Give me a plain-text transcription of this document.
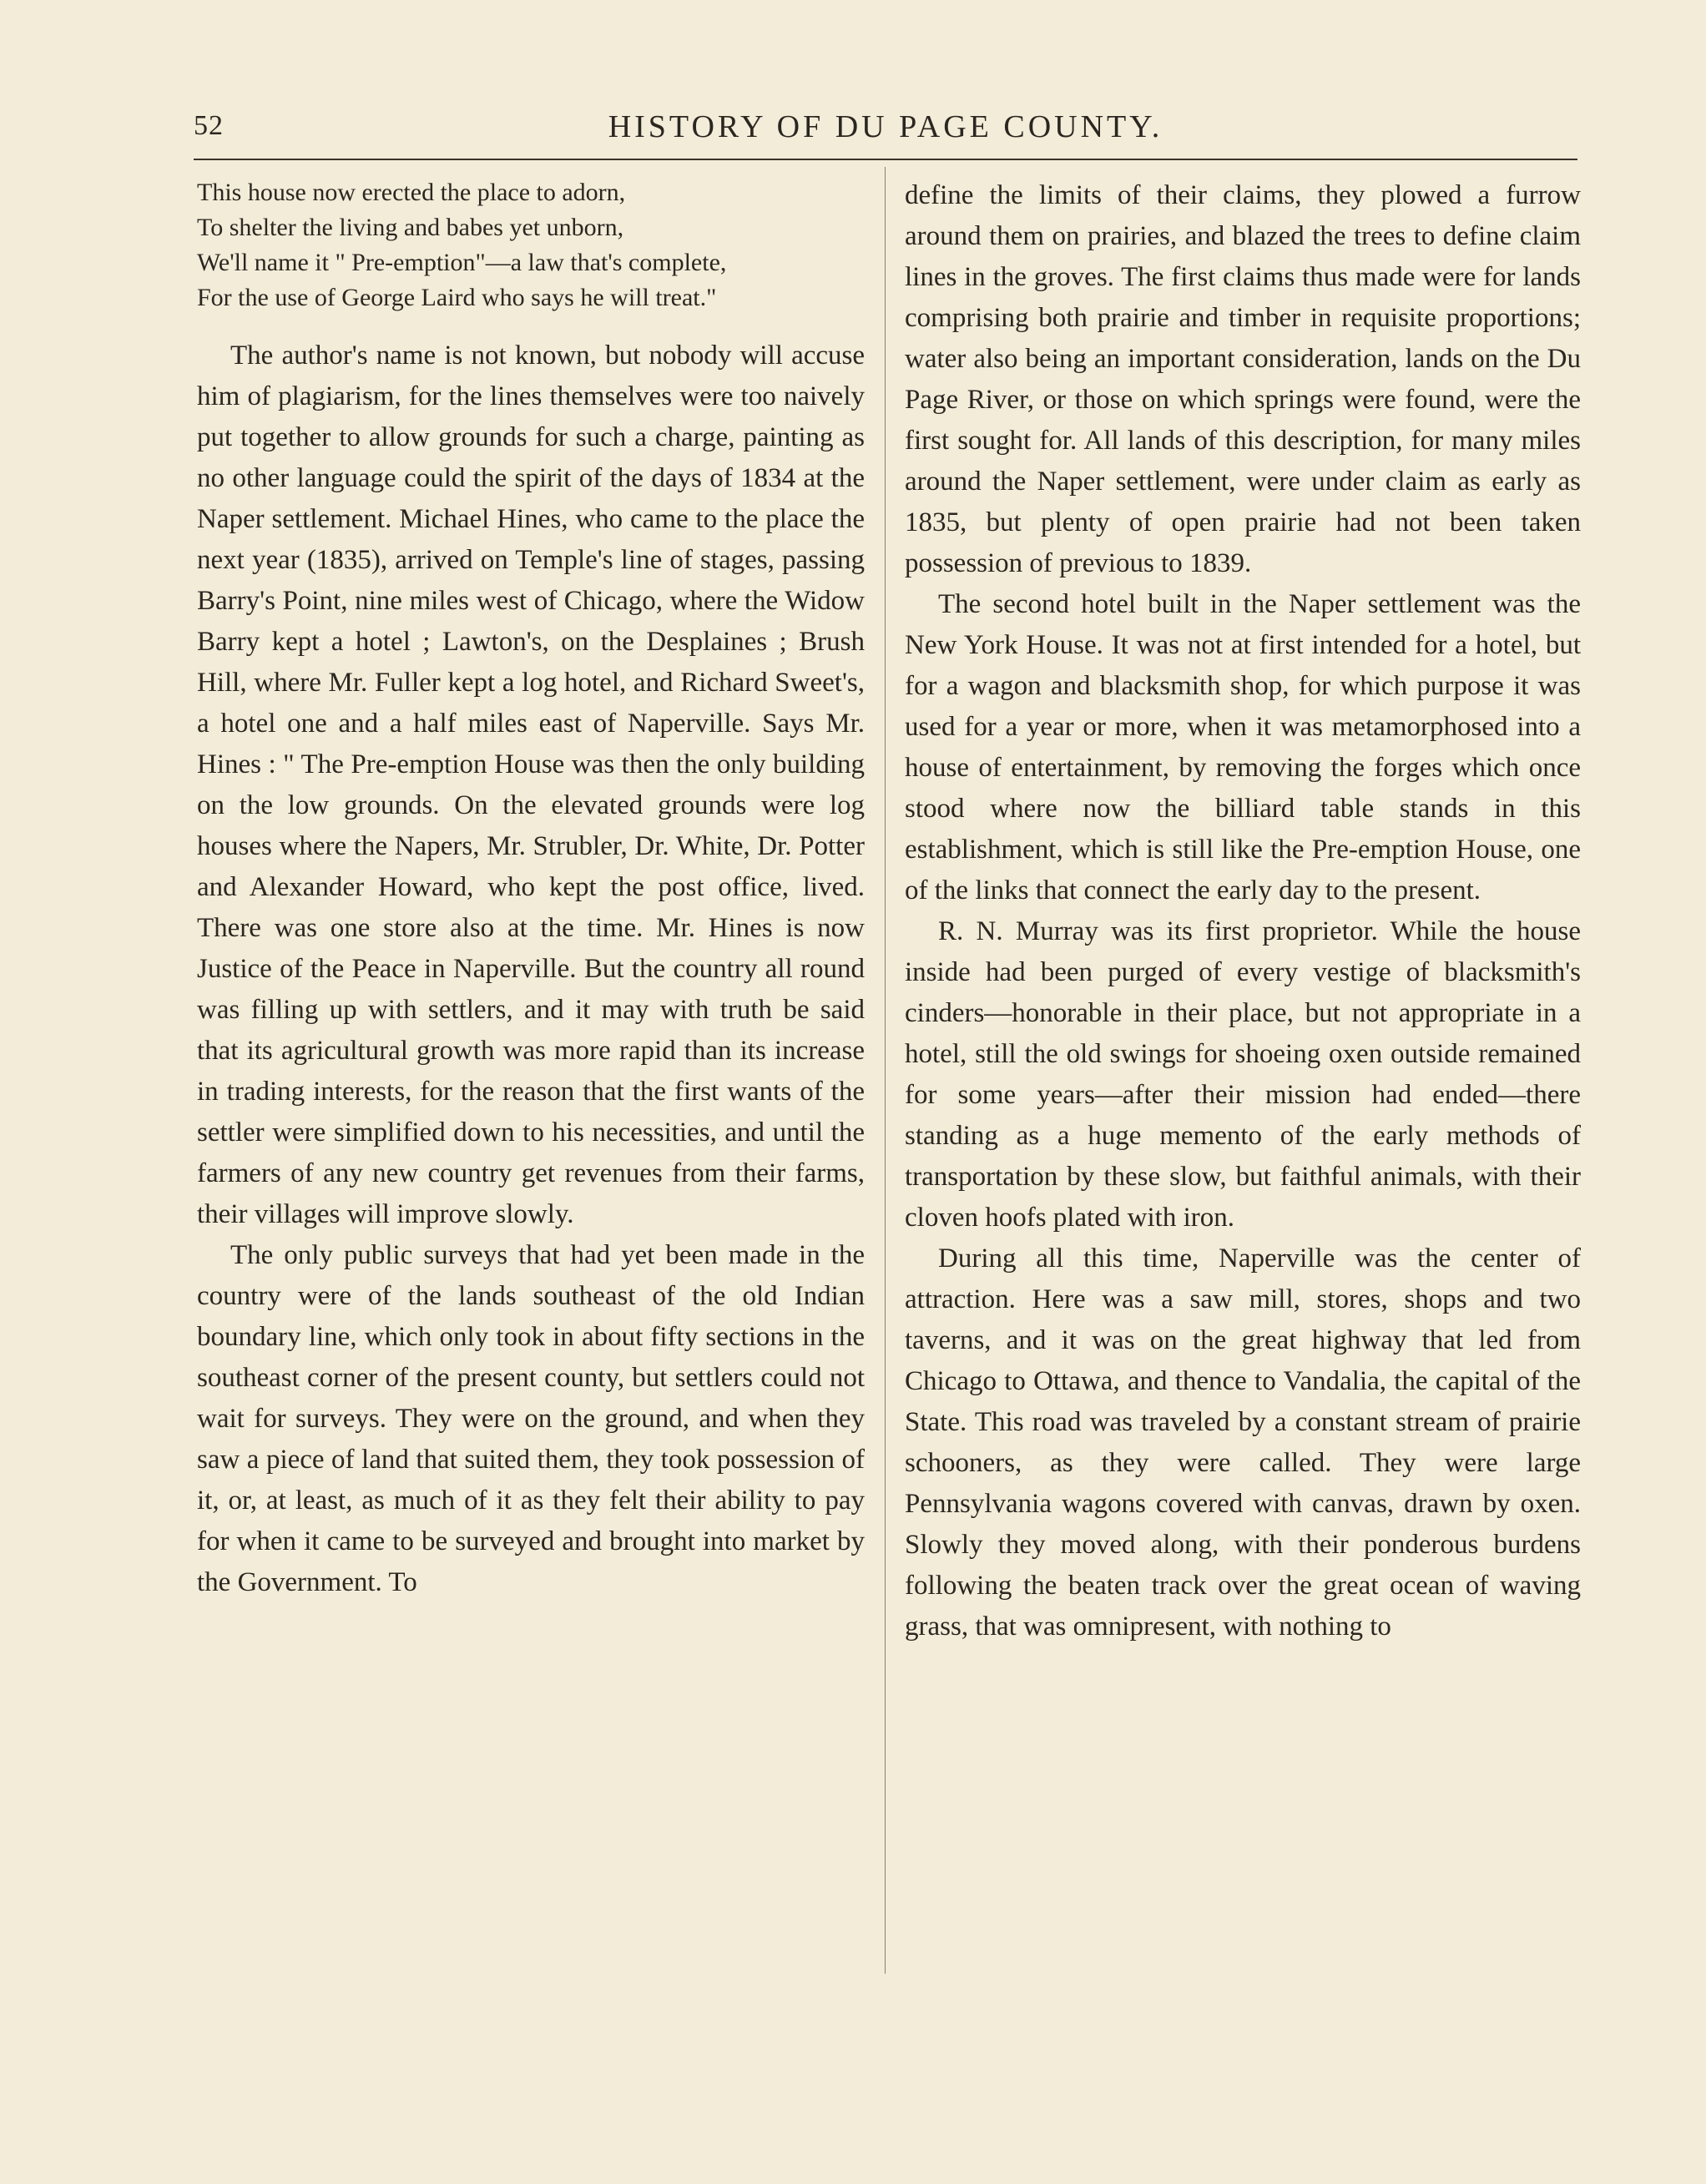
52	HISTORY OF DU PAGE COUNTY.
This house now erected the place to adorn,
To shelter the living and babes yet unborn,
We'll name it " Pre-emption"—a law that's complete,
For the use of George Laird who says he will treat."

The author's name is not known, but nobody will accuse him of plagiarism, for the lines themselves were too naively put together to allow grounds for such a charge, painting as no other language could the spirit of the days of 1834 at the Naper settlement. Michael Hines, who came to the place the next year (1835), arrived on Temple's line of stages, passing Barry's Point, nine miles west of Chicago, where the Widow Barry kept a hotel ; Lawton's, on the Desplaines ; Brush Hill, where Mr. Fuller kept a log hotel, and Richard Sweet's, a hotel one and a half miles east of Naperville. Says Mr. Hines : " The Pre-emption House was then the only building on the low grounds. On the elevated grounds were log houses where the Napers, Mr. Strubler, Dr. White, Dr. Potter and Alexander Howard, who kept the post office, lived. There was one store also at the time. Mr. Hines is now Justice of the Peace in Naperville. But the country all round was filling up with settlers, and it may with truth be said that its agricultural growth was more rapid than its increase in trading interests, for the reason that the first wants of the settler were simplified down to his necessities, and until the farmers of any new country get revenues from their farms, their villages will improve slowly.

The only public surveys that had yet been made in the country were of the lands southeast of the old Indian boundary line, which only took in about fifty sections in the southeast corner of the present county, but settlers could not wait for surveys. They were on the ground, and when they saw a piece of land that suited them, they took possession of it, or, at least, as much of it as they felt their ability to pay for when it came to be surveyed and brought into market by the Government. To

define the limits of their claims, they plowed a furrow around them on prairies, and blazed the trees to define claim lines in the groves. The first claims thus made were for lands comprising both prairie and timber in requisite proportions; water also being an important consideration, lands on the Du Page River, or those on which springs were found, were the first sought for. All lands of this description, for many miles around the Naper settlement, were under claim as early as 1835, but plenty of open prairie had not been taken possession of previous to 1839.

The second hotel built in the Naper settlement was the New York House. It was not at first intended for a hotel, but for a wagon and blacksmith shop, for which purpose it was used for a year or more, when it was metamorphosed into a house of entertainment, by removing the forges which once stood where now the billiard table stands in this establishment, which is still like the Pre-emption House, one of the links that connect the early day to the present.

R. N. Murray was its first proprietor. While the house inside had been purged of every vestige of blacksmith's cinders—honorable in their place, but not appropriate in a hotel, still the old swings for shoeing oxen outside remained for some years—after their mission had ended—there standing as a huge memento of the early methods of transportation by these slow, but faithful animals, with their cloven hoofs plated with iron.

During all this time, Naperville was the center of attraction. Here was a saw mill, stores, shops and two taverns, and it was on the great highway that led from Chicago to Ottawa, and thence to Vandalia, the capital of the State. This road was traveled by a constant stream of prairie schooners, as they were called. They were large Pennsylvania wagons covered with canvas, drawn by oxen. Slowly they moved along, with their ponderous burdens following the beaten track over the great ocean of waving grass, that was omnipresent, with nothing to
